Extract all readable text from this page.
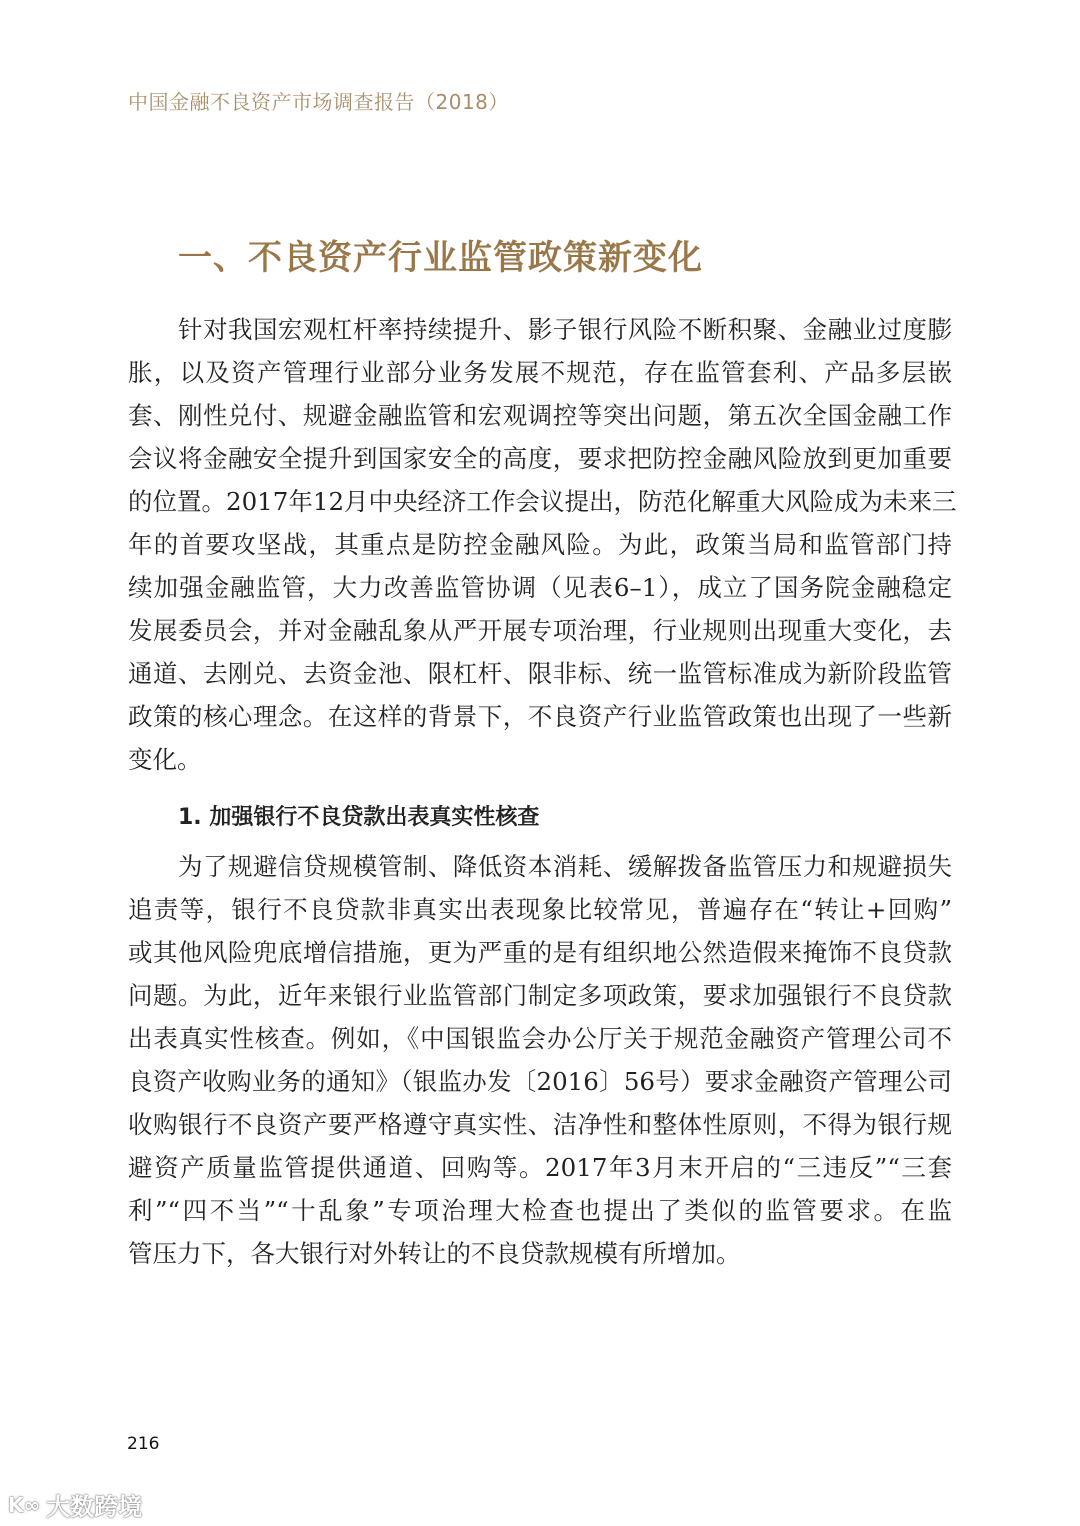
中国金融不良资产市场调查报告（2018）
一、不良资产行业监管政策新变化
针对我国宏观杠杆率持续提升、影子银行风险不断积聚、金融业过度膨
胀，以及资产管理行业部分业务发展不规范，存在监管套利、产品多层嵌
套、刚性兑付、规避金融监管和宏观调控等突出问题，第五次全国金融工作
会议将金融安全提升到国家安全的高度，要求把防控金融风险放到更加重要
的位置。2017年12月中央经济工作会议提出，防范化解重大风险成为未来三
年的首要攻坚战，其重点是防控金融风险。为此，政策当局和监管部门持
续加强金融监管，大力改善监管协调（见表6–1），成立了国务院金融稳定
发展委员会，并对金融乱象从严开展专项治理，行业规则出现重大变化，去
通道、去刚兑、去资金池、限杠杆、限非标、统一监管标准成为新阶段监管
政策的核心理念。在这样的背景下，不良资产行业监管政策也出现了一些新
变化。
1. 加强银行不良贷款出表真实性核查
为了规避信贷规模管制、降低资本消耗、缓解拨备监管压力和规避损失
追责等，银行不良贷款非真实出表现象比较常见，普遍存在“转让+回购”
或其他风险兜底增信措施，更为严重的是有组织地公然造假来掩饰不良贷款
问题。为此，近年来银行业监管部门制定多项政策，要求加强银行不良贷款
出表真实性核查。例如，《中国银监会办公厅关于规范金融资产管理公司不
良资产收购业务的通知》（银监办发〔2016〕56号）要求金融资产管理公司
收购银行不良资产要严格遵守真实性、洁净性和整体性原则，不得为银行规
避资产质量监管提供通道、回购等。2017年3月末开启的“三违反”“三套
利”“四不当”“十乱象”专项治理大检查也提出了类似的监管要求。在监
管压力下，各大银行对外转让的不良贷款规模有所增加。
216
K∞ 大数跨境
